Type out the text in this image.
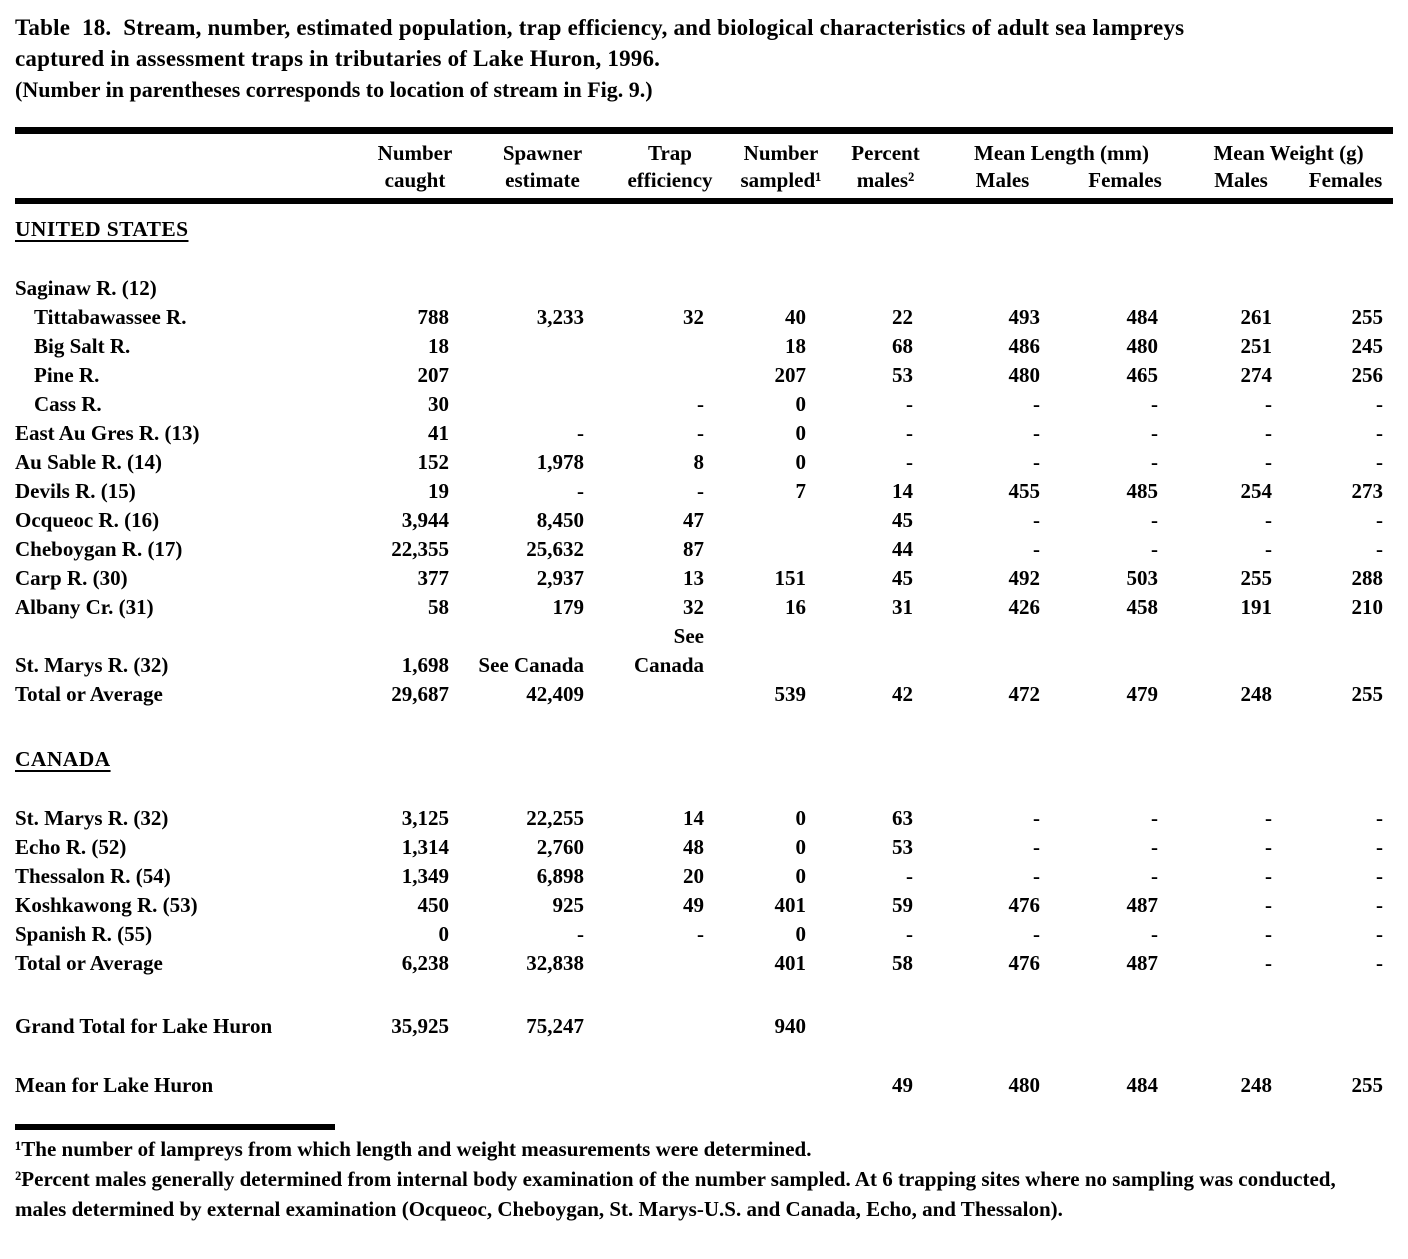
Table  18.  Stream, number, estimated population, trap efficiency, and biological characteristics of adult sea lampreys
captured in assessment traps in tributaries of Lake Huron, 1996.
(Number in parentheses corresponds to location of stream in Fig. 9.)
	Number	Spawner	Trap	Number	Percent	Mean Length (mm)		Mean Weight (g)	
	caught	estimate	efficiency	sampled¹	males²	Males	Females	Males	Females

UNITED STATES									

Saginaw R. (12)									
Tittabawassee R.	788	3,233	32	40	22	493	484	261	255
Big Salt R.	18			18	68	486	480	251	245
Pine R.	207			207	53	480	465	274	256
Cass R.	30		-	0	-	-	-	-	-
East Au Gres R. (13)	41	-	-	0	-	-	-	-	-
Au Sable R. (14)	152	1,978	8	0	-	-	-	-	-
Devils R. (15)	19	-	-	7	14	455	485	254	273
Ocqueoc R. (16)	3,944	8,450	47		45	-	-	-	-
Cheboygan R. (17)	22,355	25,632	87		44	-	-	-	-
Carp R. (30)	377	2,937	13	151	45	492	503	255	288
Albany Cr. (31)	58	179	32	16	31	426	458	191	210
St. Marys R. (32)	1,698	See Canada	See Canada						
Total or Average	29,687	42,409		539	42	472	479	248	255

CANADA									

St. Marys R. (32)	3,125	22,255	14	0	63	-	-	-	-
Echo R. (52)	1,314	2,760	48	0	53	-	-	-	-
Thessalon R. (54)	1,349	6,898	20	0	-	-	-	-	-
Koshkawong R. (53)	450	925	49	401	59	476	487	-	-
Spanish R. (55)	0	-	-	0	-	-	-	-	-
Total or Average	6,238	32,838		401	58	476	487	-	-

Grand Total for Lake Huron	35,925	75,247		940					

Mean for Lake Huron					49	480	484	248	255
¹The number of lampreys from which length and weight measurements were determined.
²Percent males generally determined from internal body examination of the number sampled. At 6 trapping sites where no sampling was conducted, males determined by external examination (Ocqueoc, Cheboygan, St. Marys-U.S. and Canada, Echo, and Thessalon).
